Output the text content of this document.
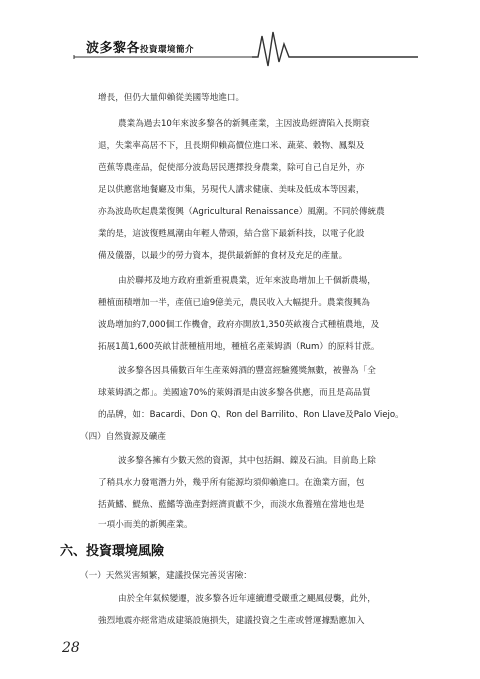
波多黎各投資環境簡介
增長，但仍大量仰賴從美國等地進口。
農業為過去10年來波多黎各的新興產業，主因波島經濟陷入長期衰
退，失業率高居不下，且長期仰賴高價位進口米、蔬菜、穀物、鳳梨及
芭蕉等農產品，促使部分波島居民選擇投身農業，除可自己自足外，亦
足以供應當地餐廳及市集，另現代人講求健康、美味及低成本等因素，
亦為波島吹起農業復興（Agricultural Renaissance）風潮。不同於傳統農
業的是，這波復甦風潮由年輕人帶頭，結合當下最新科技，以電子化設
備及儀器，以最少的勞力資本，提供最新鮮的食材及充足的產量。
由於聯邦及地方政府重新重視農業，近年來波島增加上千個新農場，
種植面積增加一半，產值已逾9億美元，農民收入大幅提升。農業復興為
波島增加約7,000個工作機會，政府亦開放1,350英畝複合式種植農地，及
拓展1萬1,600英畝甘蔗種植用地，種植名產萊姆酒（Rum）的原料甘蔗。
波多黎各因具備數百年生產萊姆酒的豐富經驗獲獎無數，被譽為「全
球萊姆酒之都」。美國逾70%的萊姆酒是由波多黎各供應，而且是高品質
的品牌，如：Bacardi、Don Q、Ron del Barrilito、Ron Llave及Palo Viejo。
（四）自然資源及礦產
波多黎各擁有少數天然的資源，其中包括銅、鎳及石油。目前島上除
了稍具水力發電潛力外，幾乎所有能源均須仰賴進口。在漁業方面，包
括黃鰭、鯷魚、藍鰭等漁產對經濟貢獻不少，而淡水魚養殖在當地也是
一項小而美的新興產業。
六、投資環境風險
（一）天然災害頻繁，建議投保完善災害險：
由於全年氣候變遷，波多黎各近年連續遭受嚴重之颶風侵襲，此外，
強烈地震亦經常造成建築設施損失，建議投資之生產或營運據點應加入
28
